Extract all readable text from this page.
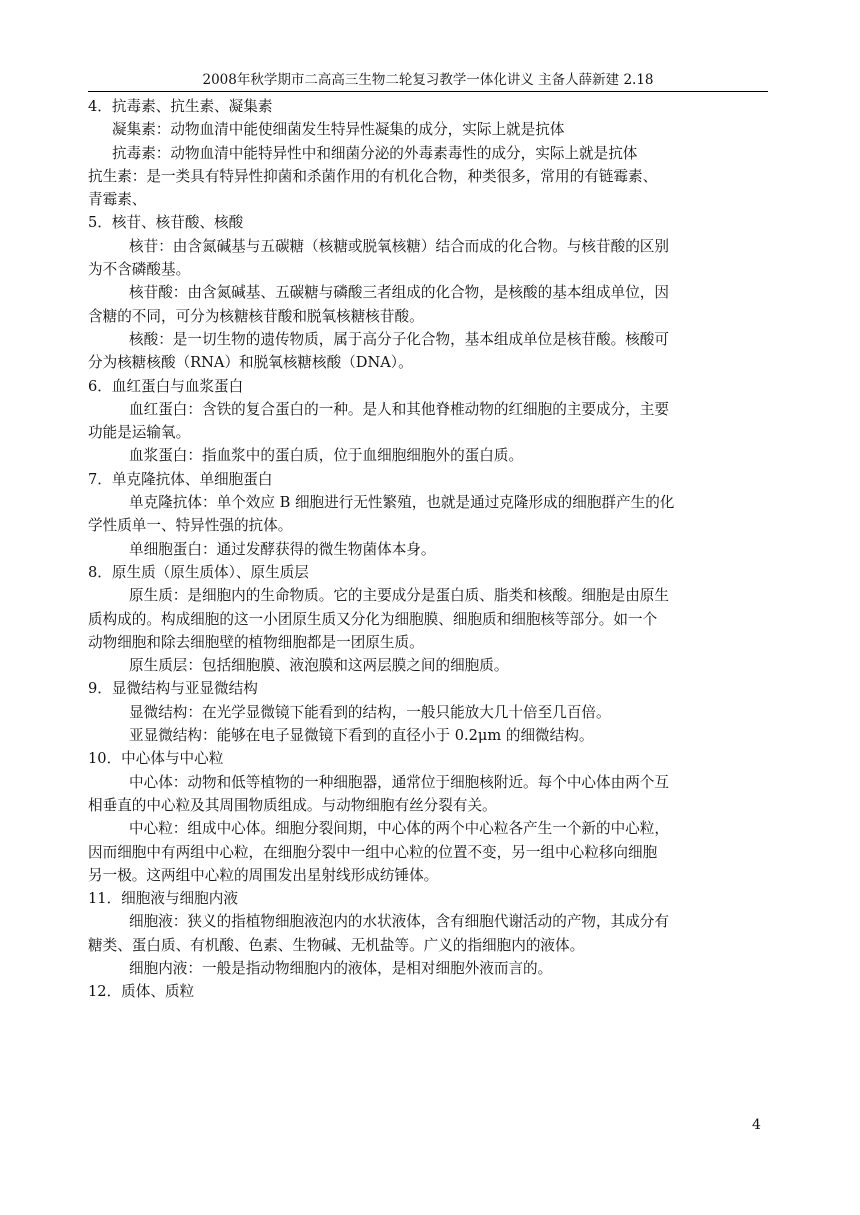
2008年秋学期市二高高三生物二轮复习教学一体化讲义 主备人薛新建 2.18
4．抗毒素、抗生素、凝集素
凝集素：动物血清中能使细菌发生特异性凝集的成分，实际上就是抗体
抗毒素：动物血清中能特异性中和细菌分泌的外毒素毒性的成分，实际上就是抗体
抗生素：是一类具有特异性抑菌和杀菌作用的有机化合物，种类很多，常用的有链霉素、
青霉素、
5．核苷、核苷酸、核酸
核苷：由含氮碱基与五碳糖（核糖或脱氧核糖）结合而成的化合物。与核苷酸的区别
为不含磷酸基。
核苷酸：由含氮碱基、五碳糖与磷酸三者组成的化合物，是核酸的基本组成单位，因
含糖的不同，可分为核糖核苷酸和脱氧核糖核苷酸。
核酸：是一切生物的遗传物质，属于高分子化合物，基本组成单位是核苷酸。核酸可
分为核糖核酸（RNA）和脱氧核糖核酸（DNA）。
6．血红蛋白与血浆蛋白
血红蛋白：含铁的复合蛋白的一种。是人和其他脊椎动物的红细胞的主要成分，主要
功能是运输氧。
血浆蛋白：指血浆中的蛋白质，位于血细胞细胞外的蛋白质。
7．单克隆抗体、单细胞蛋白
单克隆抗体：单个效应 B 细胞进行无性繁殖，也就是通过克隆形成的细胞群产生的化
学性质单一、特异性强的抗体。
单细胞蛋白：通过发酵获得的微生物菌体本身。
8．原生质（原生质体）、原生质层
原生质：是细胞内的生命物质。它的主要成分是蛋白质、脂类和核酸。细胞是由原生
质构成的。构成细胞的这一小团原生质又分化为细胞膜、细胞质和细胞核等部分。如一个
动物细胞和除去细胞壁的植物细胞都是一团原生质。
原生质层：包括细胞膜、液泡膜和这两层膜之间的细胞质。
9．显微结构与亚显微结构
显微结构：在光学显微镜下能看到的结构，一般只能放大几十倍至几百倍。
亚显微结构：能够在电子显微镜下看到的直径小于 0.2μm 的细微结构。
10．中心体与中心粒
中心体：动物和低等植物的一种细胞器，通常位于细胞核附近。每个中心体由两个互
相垂直的中心粒及其周围物质组成。与动物细胞有丝分裂有关。
中心粒：组成中心体。细胞分裂间期，中心体的两个中心粒各产生一个新的中心粒，
因而细胞中有两组中心粒，在细胞分裂中一组中心粒的位置不变，另一组中心粒移向细胞
另一极。这两组中心粒的周围发出星射线形成纺锤体。
11．细胞液与细胞内液
细胞液：狭义的指植物细胞液泡内的水状液体，含有细胞代谢活动的产物，其成分有
糖类、蛋白质、有机酸、色素、生物碱、无机盐等。广义的指细胞内的液体。
细胞内液：一般是指动物细胞内的液体，是相对细胞外液而言的。
12．质体、质粒
4
